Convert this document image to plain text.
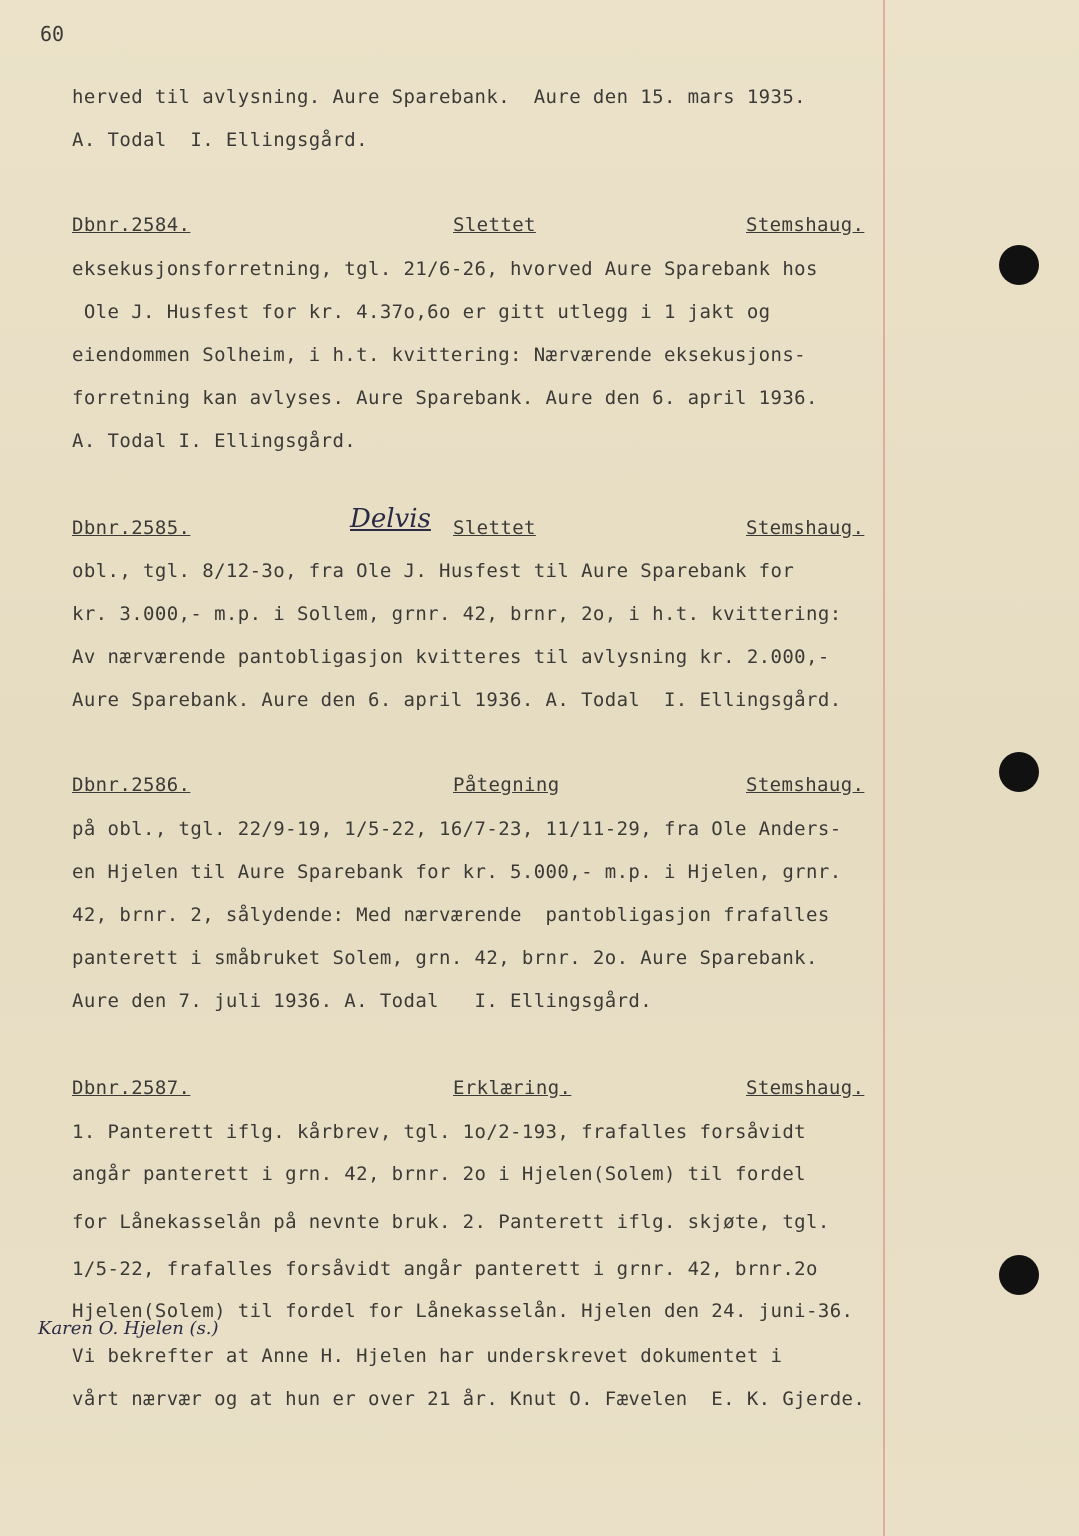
60
herved til avlysning. Aure Sparebank.  Aure den 15. mars 1935.
A. Todal  I. Ellingsgård.
Dbnr.2584.	Slettet	Stemshaug.
eksekusjonsforretning, tgl. 21/6-26, hvorved Aure Sparebank hos
Ole J. Husfest for kr. 4.37o,6o er gitt utlegg i 1 jakt og
eiendommen Solheim, i h.t. kvittering: Nærværende eksekusjons-
forretning kan avlyses. Aure Sparebank. Aure den 6. april 1936.
A. Todal I. Ellingsgård.
Dbnr.2585.	Delvis Slettet	Stemshaug.
obl., tgl. 8/12-3o, fra Ole J. Husfest til Aure Sparebank for
kr. 3.000,- m.p. i Sollem, grnr. 42, brnr, 2o, i h.t. kvittering:
Av nærværende pantobligasjon kvitteres til avlysning kr. 2.000,-
Aure Sparebank. Aure den 6. april 1936. A. Todal  I. Ellingsgård.
Dbnr.2586.	Påtegning	Stemshaug.
på obl., tgl. 22/9-19, 1/5-22, 16/7-23, 11/11-29, fra Ole Anders-
en Hjelen til Aure Sparebank for kr. 5.000,- m.p. i Hjelen, grnr.
42, brnr. 2, sålydende: Med nærværende  pantobligasjon frafalles
panterett i småbruket Solem, grn. 42, brnr. 2o. Aure Sparebank.
Aure den 7. juli 1936. A. Todal   I. Ellingsgård.
Dbnr.2587.	Erklæring.	Stemshaug.
1. Panterett iflg. kårbrev, tgl. 1o/2-193, frafalles forsåvidt
angår panterett i grn. 42, brnr. 2o i Hjelen(Solem) til fordel
for Lånekasselån på nevnte bruk. 2. Panterett iflg. skjøte, tgl.
1/5-22, frafalles forsåvidt angår panterett i grnr. 42, brnr.2o
Hjelen(Solem) til fordel for Lånekasselån. Hjelen den 24. juni-36.
Karen O. Hjelen (s.)
Vi bekrefter at Anne H. Hjelen har underskrevet dokumentet i
vårt nærvær og at hun er over 21 år. Knut O. Fævelen  E. K. Gjerde.
